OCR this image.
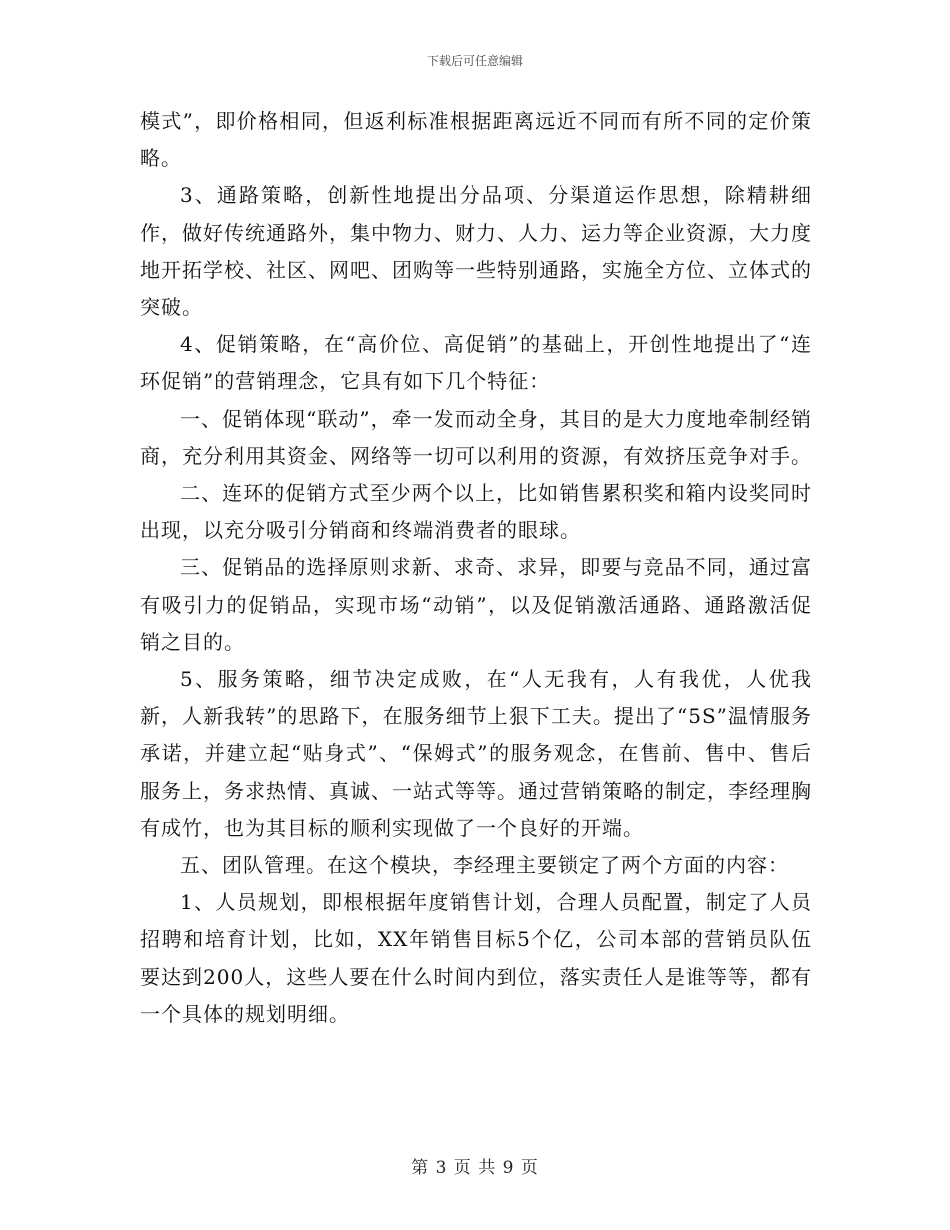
下载后可任意编辑

模式”，即价格相同，但返利标准根据距离远近不同而有所不同的定价策略。

3、通路策略，创新性地提出分品项、分渠道运作思想，除精耕细作，做好传统通路外，集中物力、财力、人力、运力等企业资源，大力度地开拓学校、社区、网吧、团购等一些特别通路，实施全方位、立体式的突破。

4、促销策略，在“高价位、高促销”的基础上，开创性地提出了“连环促销”的营销理念，它具有如下几个特征：

一、促销体现“联动”，牵一发而动全身，其目的是大力度地牵制经销商，充分利用其资金、网络等一切可以利用的资源，有效挤压竞争对手。

二、连环的促销方式至少两个以上，比如销售累积奖和箱内设奖同时出现，以充分吸引分销商和终端消费者的眼球。

三、促销品的选择原则求新、求奇、求异，即要与竞品不同，通过富有吸引力的促销品，实现市场“动销”，以及促销激活通路、通路激活促销之目的。

5、服务策略，细节决定成败，在“人无我有，人有我优，人优我新，人新我转”的思路下，在服务细节上狠下工夫。提出了“5S”温情服务承诺，并建立起“贴身式”、“保姆式”的服务观念，在售前、售中、售后服务上，务求热情、真诚、一站式等等。通过营销策略的制定，李经理胸有成竹，也为其目标的顺利实现做了一个良好的开端。

五、团队管理。在这个模块，李经理主要锁定了两个方面的内容：

1、人员规划，即根根据年度销售计划，合理人员配置，制定了人员招聘和培育计划，比如，XX年销售目标5个亿，公司本部的营销员队伍要达到200人，这些人要在什么时间内到位，落实责任人是谁等等，都有一个具体的规划明细。

第 3 页 共 9 页
